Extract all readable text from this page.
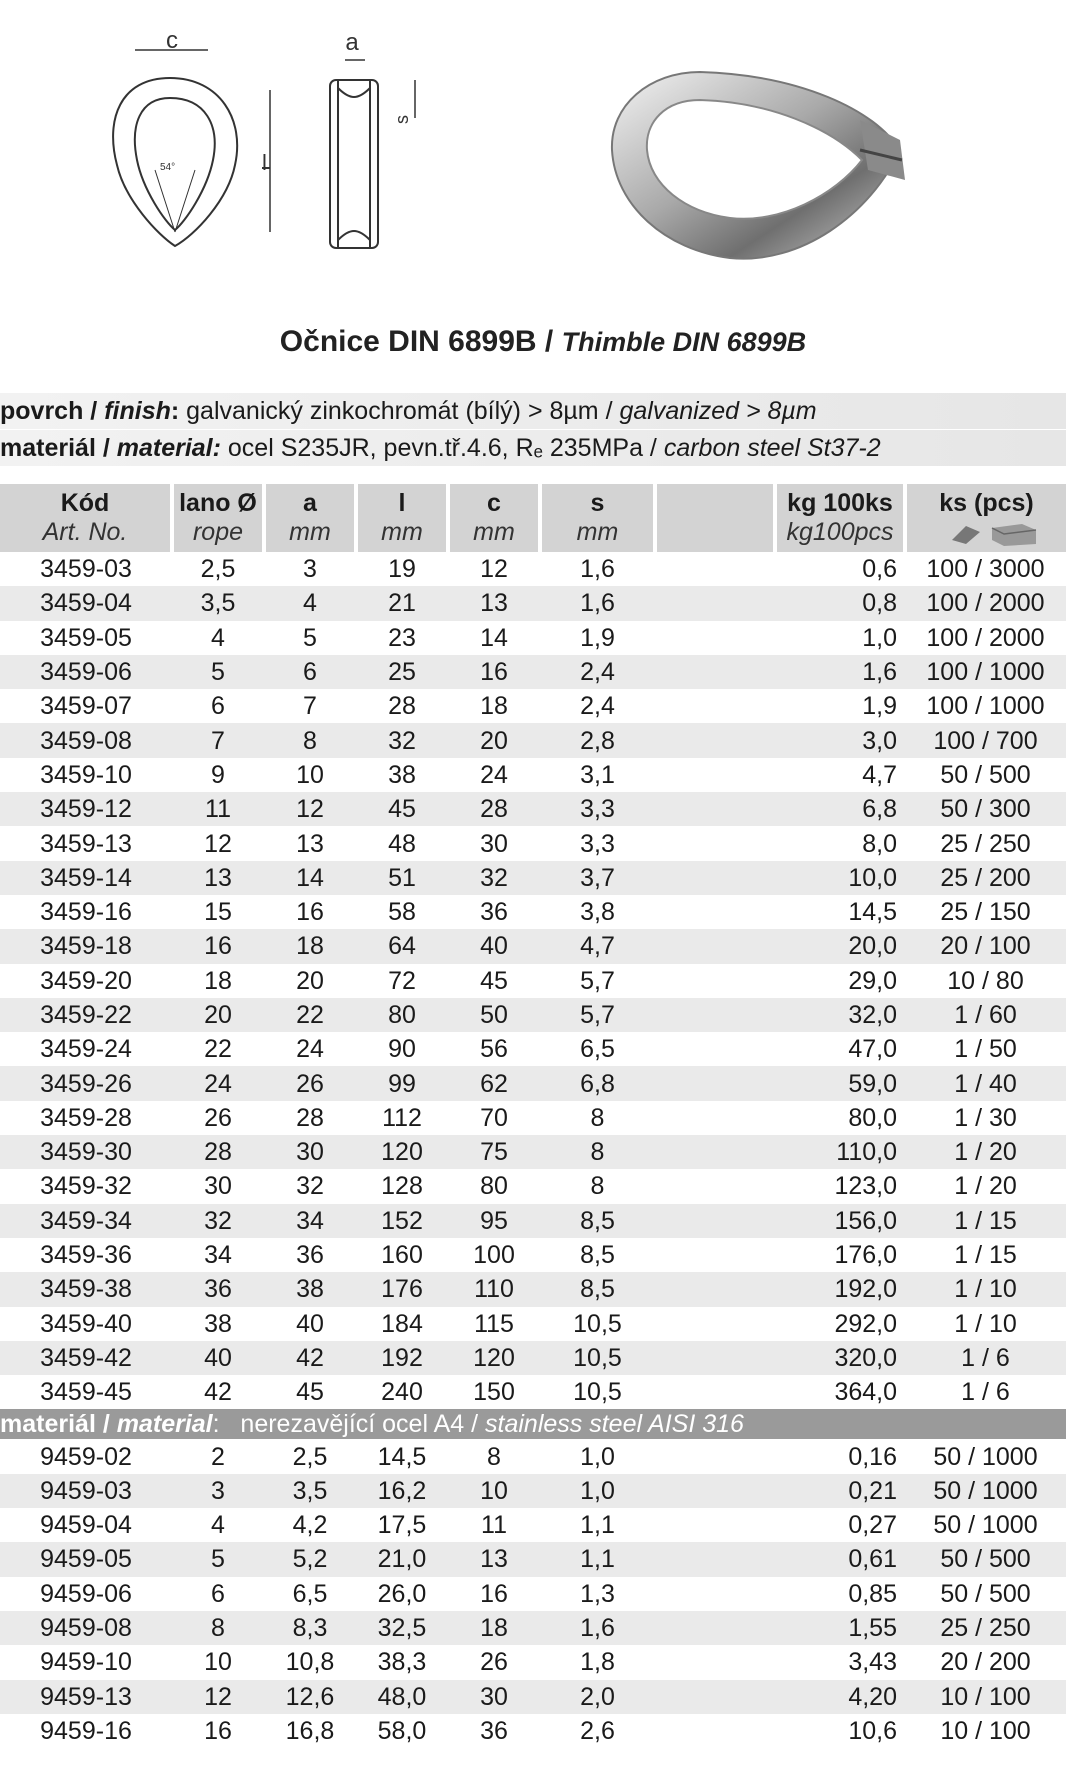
c
54°	l
a
s
Očnice DIN 6899B / Thimble DIN 6899B
povrch / finish: galvanický zinkochromát (bílý) > 8µm / galvanized > 8µm
materiál / material: ocel S235JR, pevn.tř.4.6, Rₑ 235MPa / carbon steel St37-2
Kód	lano Ø	a	l	c	s		kg 100ks	ks (pcs)
Art. No.	rope	mm	mm	mm	mm		kg100pcs	
3459-03	2,5	3	19	12	1,6		0,6	100 / 3000
3459-04	3,5	4	21	13	1,6		0,8	100 / 2000
3459-05	4	5	23	14	1,9		1,0	100 / 2000
3459-06	5	6	25	16	2,4		1,6	100 / 1000
3459-07	6	7	28	18	2,4		1,9	100 / 1000
3459-08	7	8	32	20	2,8		3,0	100 / 700
3459-10	9	10	38	24	3,1		4,7	50 / 500
3459-12	11	12	45	28	3,3		6,8	50 / 300
3459-13	12	13	48	30	3,3		8,0	25 / 250
3459-14	13	14	51	32	3,7		10,0	25 / 200
3459-16	15	16	58	36	3,8		14,5	25 / 150
3459-18	16	18	64	40	4,7		20,0	20 / 100
3459-20	18	20	72	45	5,7		29,0	10 / 80
3459-22	20	22	80	50	5,7		32,0	1 / 60
3459-24	22	24	90	56	6,5		47,0	1 / 50
3459-26	24	26	99	62	6,8		59,0	1 / 40
3459-28	26	28	112	70	8		80,0	1 / 30
3459-30	28	30	120	75	8		110,0	1 / 20
3459-32	30	32	128	80	8		123,0	1 / 20
3459-34	32	34	152	95	8,5		156,0	1 / 15
3459-36	34	36	160	100	8,5		176,0	1 / 15
3459-38	36	38	176	110	8,5		192,0	1 / 10
3459-40	38	40	184	115	10,5		292,0	1 / 10
3459-42	40	42	192	120	10,5		320,0	1 / 6
3459-45	42	45	240	150	10,5		364,0	1 / 6
materiál / material:   nerezavějící ocel A4 / stainless steel AISI 316								
9459-02	2	2,5	14,5	8	1,0		0,16	50 / 1000
9459-03	3	3,5	16,2	10	1,0		0,21	50 / 1000
9459-04	4	4,2	17,5	11	1,1		0,27	50 / 1000
9459-05	5	5,2	21,0	13	1,1		0,61	50 / 500
9459-06	6	6,5	26,0	16	1,3		0,85	50 / 500
9459-08	8	8,3	32,5	18	1,6		1,55	25 / 250
9459-10	10	10,8	38,3	26	1,8		3,43	20 / 200
9459-13	12	12,6	48,0	30	2,0		4,20	10 / 100
9459-16	16	16,8	58,0	36	2,6		10,6	10 / 100
